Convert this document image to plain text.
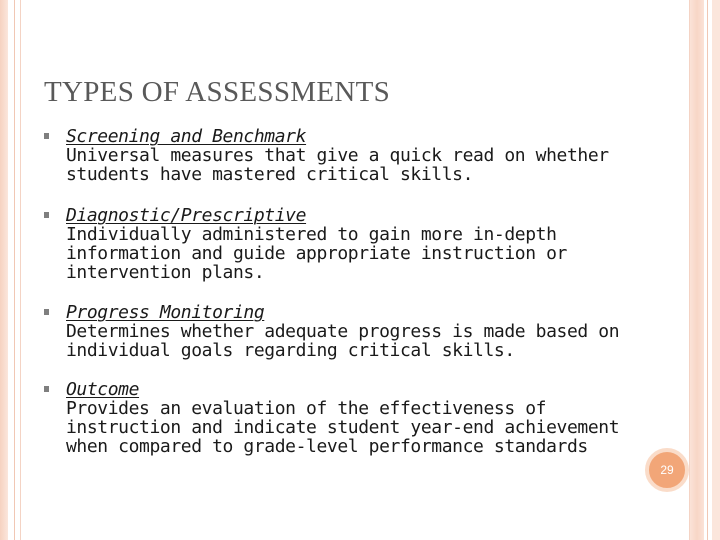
TYPES OF ASSESSMENTS
Screening and Benchmark
Universal measures that give a quick read on whether students have mastered critical skills.
Diagnostic/Prescriptive
Individually administered to gain more in-depth information and guide appropriate instruction or intervention plans.
Progress Monitoring
Determines whether adequate progress is made based on individual goals regarding critical skills.
Outcome
Provides an evaluation of the effectiveness of instruction and indicate student year-end achievement when compared to grade-level performance standards
29
